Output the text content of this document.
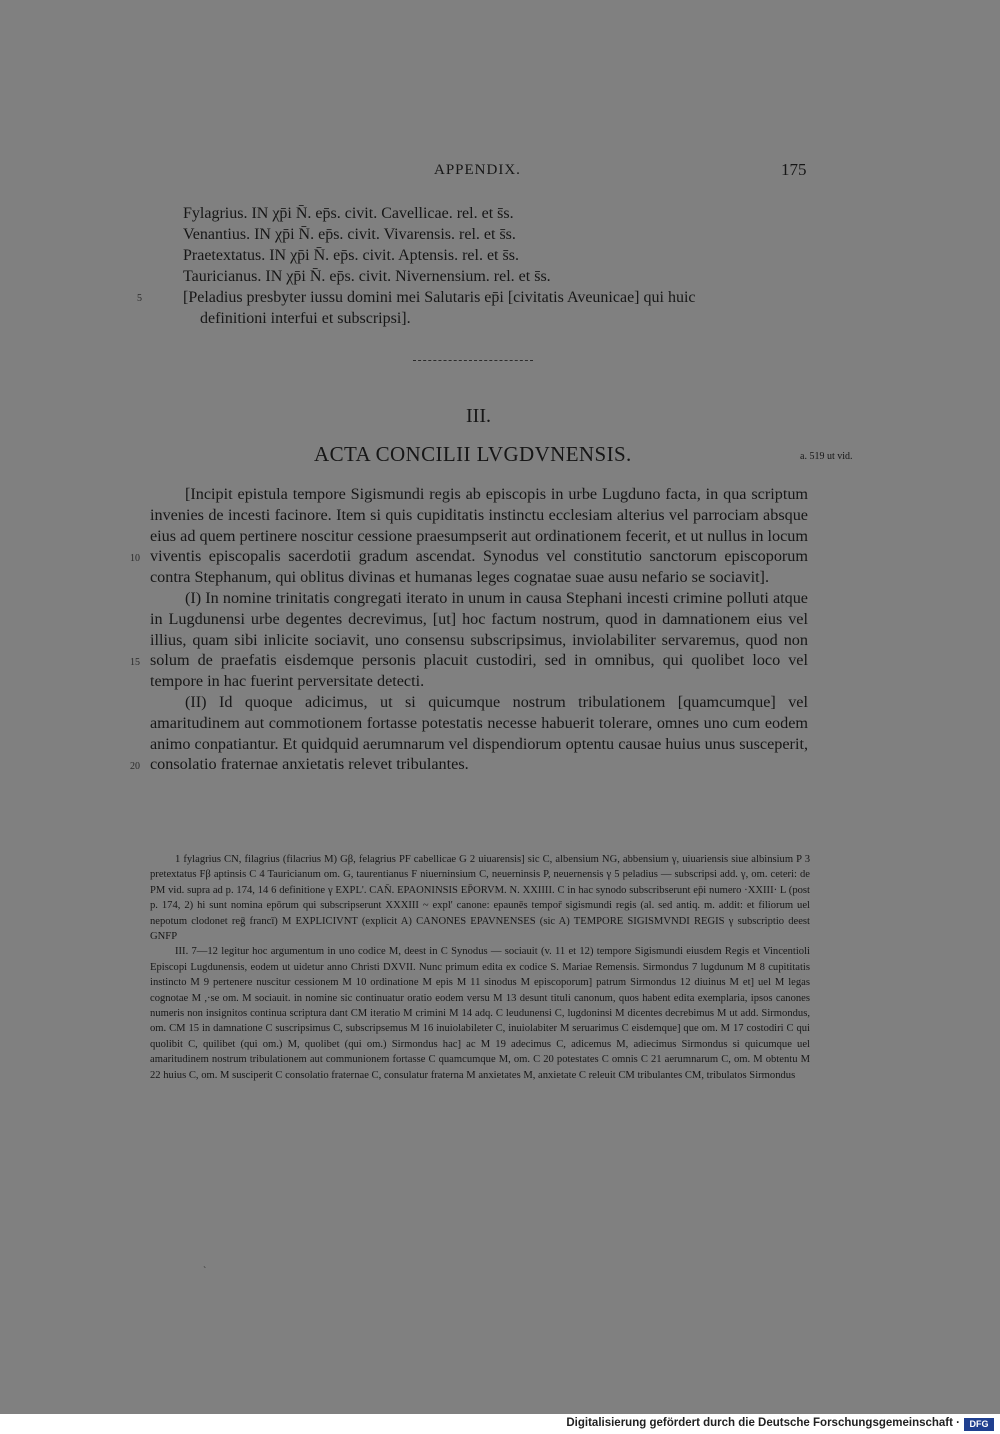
APPENDIX.	175
Fylagrius. IN χp̄i N̄. ep̄s. civit. Cavellicae. rel. et s̄s.
Venantius. IN χp̄i N̄. ep̄s. civit. Vivarensis. rel. et s̄s.
Praetextatus. IN χp̄i N̄. ep̄s. civit. Aptensis. rel. et s̄s.
Tauricianus. IN χp̄i N̄. ep̄s. civit. Nivernensium. rel. et s̄s.
[Peladius presbyter iussu domini mei Salutaris ep̄i [civitatis Aveunicae] qui huic
definitioni interfui et subscripsi].
5
10
15
20
III.
ACTA CONCILII LVGDVNENSIS.	a. 519 ut vid.

[Incipit epistula tempore Sigismundi regis ab episcopis in urbe Lugduno facta, in qua scriptum invenies de incesti facinore. Item si quis cupiditatis instinctu ecclesiam alterius vel parrociam absque eius ad quem pertinere noscitur cessione praesumpserit aut ordinationem fecerit, et ut nullus in locum viventis episcopalis sacerdotii gradum ascendat. Synodus vel constitutio sanctorum episcoporum contra Stephanum, qui oblitus divinas et humanas leges cognatae suae ausu nefario se sociavit].

(I) In nomine trinitatis congregati iterato in unum in causa Stephani incesti crimine polluti atque in Lugdunensi urbe degentes decrevimus, [ut] hoc factum nostrum, quod in damnationem eius vel illius, quam sibi inlicite sociavit, uno consensu subscripsimus, inviolabiliter servaremus, quod non solum de praefatis eisdemque personis placuit custodiri, sed in omnibus, qui quolibet loco vel tempore in hac fuerint perversitate detecti.

(II) Id quoque adicimus, ut si quicumque nostrum tribulationem [quamcumque] vel amaritudinem aut commotionem fortasse potestatis necesse habuerit tolerare, omnes uno cum eodem animo conpatiantur. Et quidquid aerumnarum vel dispendiorum optentu causae huius unus susceperit, consolatio fraternae anxietatis relevet tribulantes.

1 fylagrius CN, filagrius (filacrius M) Gβ, felagrius PF cabellicae G 2 uiuarensis] sic C, albensium NG, abbensium γ, uiuariensis siue albinsium P 3 pretextatus Fβ aptinsis C 4 Tauricianum om. G, taurentianus F niuerninsium C, neuerninsis P, neuernensis γ 5 peladius — subscripsi add. γ, om. ceteri: de PM vid. supra ad p. 174, 14 6 definitione γ EXPL'. CAN̄. EPAONINSIS EP̄ORVM. N. XXIIII. C in hac synodo subscribserunt ep̄i numero ·XXIII· L (post p. 174, 2) hi sunt nomina epōrum qui subscripserunt XXXIII ~ expl' canone: epaunēs tempor̄ sigismundi regis (al. sed antiq. m. addit: et filiorum uel nepotum clodonet reḡ francī) M EXPLICIVNT (explicit A) CANONES EPAVNENSES (sic A) TEMPORE SIGISMVNDI REGIS γ subscriptio deest GNFP

III. 7—12 legitur hoc argumentum in uno codice M, deest in C Synodus — sociauit (v. 11 et 12) tempore Sigismundi eiusdem Regis et Vincentioli Episcopi Lugdunensis, eodem ut uidetur anno Christi DXVII. Nunc primum edita ex codice S. Mariae Remensis. Sirmondus 7 lugdunum M 8 cupititatis instincto M 9 pertenere nuscitur cessionem M 10 ordinatione M epis M 11 sinodus M episcoporum] patrum Sirmondus 12 diuinus M et] uel M legas cognotae M ,·se om. M sociauit. in nomine sic continuatur oratio eodem versu M 13 desunt tituli canonum, quos habent edita exemplaria, ipsos canones numeris non insignitos continua scriptura dant CM iteratio M crimini M 14 adq. C leudunensi C, lugdoninsi M dicentes decrebimus M ut add. Sirmondus, om. CM 15 in damnatione C suscripsimus C, subscripsemus M 16 inuiolabileter C, inuiolabiter M seruarimus C eisdemque] que om. M 17 costodiri C qui quolibit C, quilibet (qui om.) M, quolibet (qui om.) Sirmondus hac] ac M 19 adecimus C, adicemus M, adiecimus Sirmondus si quicumque uel amaritudinem nostrum tribulationem aut communionem fortasse C quamcumque M, om. C 20 potestates C omnis C 21 aerumnarum C, om. M obtentu M 22 huius C, om. M susciperit C consolatio fraternae C, consulatur fraterna M anxietates M, anxietate C releuit CM tribulantes CM, tribulatos Sirmondus

ˋ
Digitalisierung gefördert durch die Deutsche Forschungsgemeinschaft ·	DFG
